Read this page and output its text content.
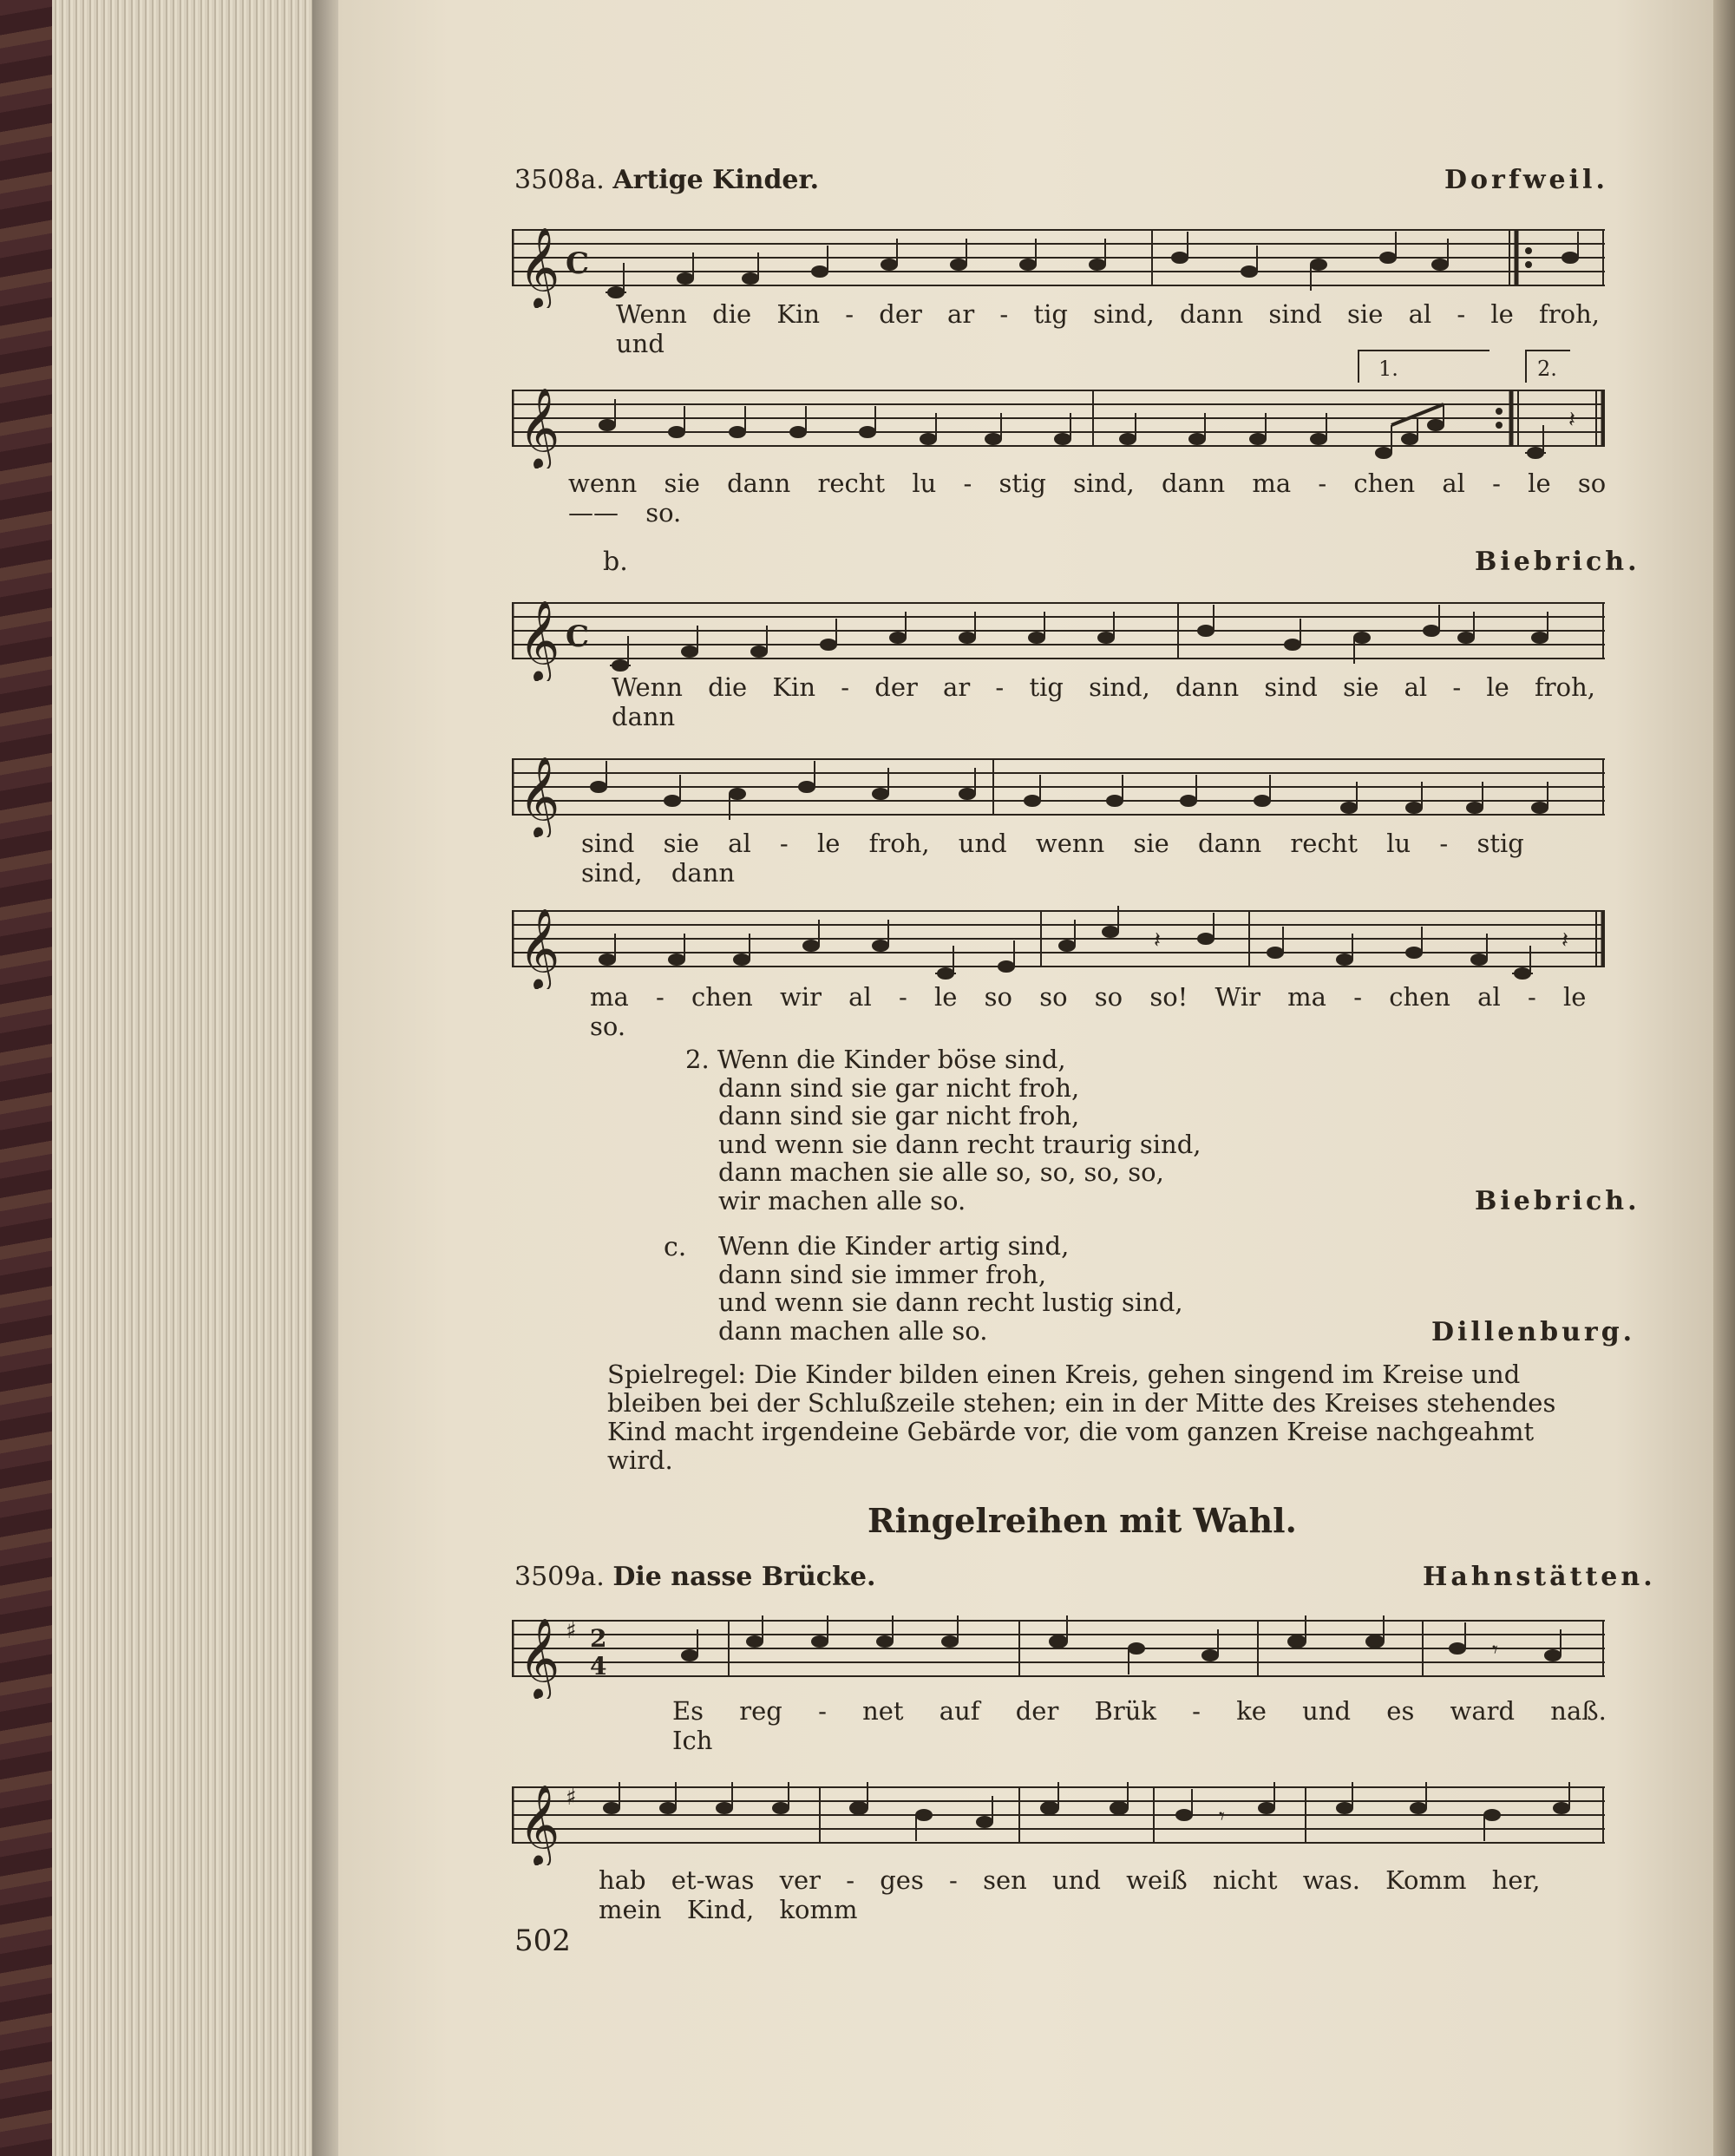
3508a. Artige Kinder.	Dorfweil.
𝄞 C
Wenn die Kin - der ar - tig sind, dann sind sie al - le froh, und
1.	2.
𝄞	𝄽
wenn sie dann recht lu - stig sind, dann ma - chen al - le so —— so.
b.	Biebrich.
𝄞 C
Wenn die Kin - der ar - tig sind, dann sind sie al - le froh, dann
𝄞
sind sie al - le froh, und wenn sie dann recht lu - stig sind, dann
𝄞	𝄽	𝄽
ma - chen wir al - le so so so so! Wir ma - chen al - le so.
2. Wenn die Kinder böse sind,
dann sind sie gar nicht froh,
dann sind sie gar nicht froh,
und wenn sie dann recht traurig sind,
dann machen sie alle so, so, so, so,
wir machen alle so.	Biebrich.
c. Wenn die Kinder artig sind,
dann sind sie immer froh,
und wenn sie dann recht lustig sind,
dann machen alle so.	Dillenburg.
Spielregel: Die Kinder bilden einen Kreis, gehen singend im Kreise und bleiben bei der Schlußzeile stehen; ein in der Mitte des Kreises stehendes Kind macht irgendeine Gebärde vor, die vom ganzen Kreise nachgeahmt wird.
Ringelreihen mit Wahl.
3509a. Die nasse Brücke.	Hahnstätten.
𝄞 ♯ 2
4
𝄾
Es reg - net auf der Brük - ke und es ward naß. Ich
𝄞 ♯
𝄾
hab et-was ver - ges - sen und weiß nicht was. Komm her, mein Kind, komm
502
